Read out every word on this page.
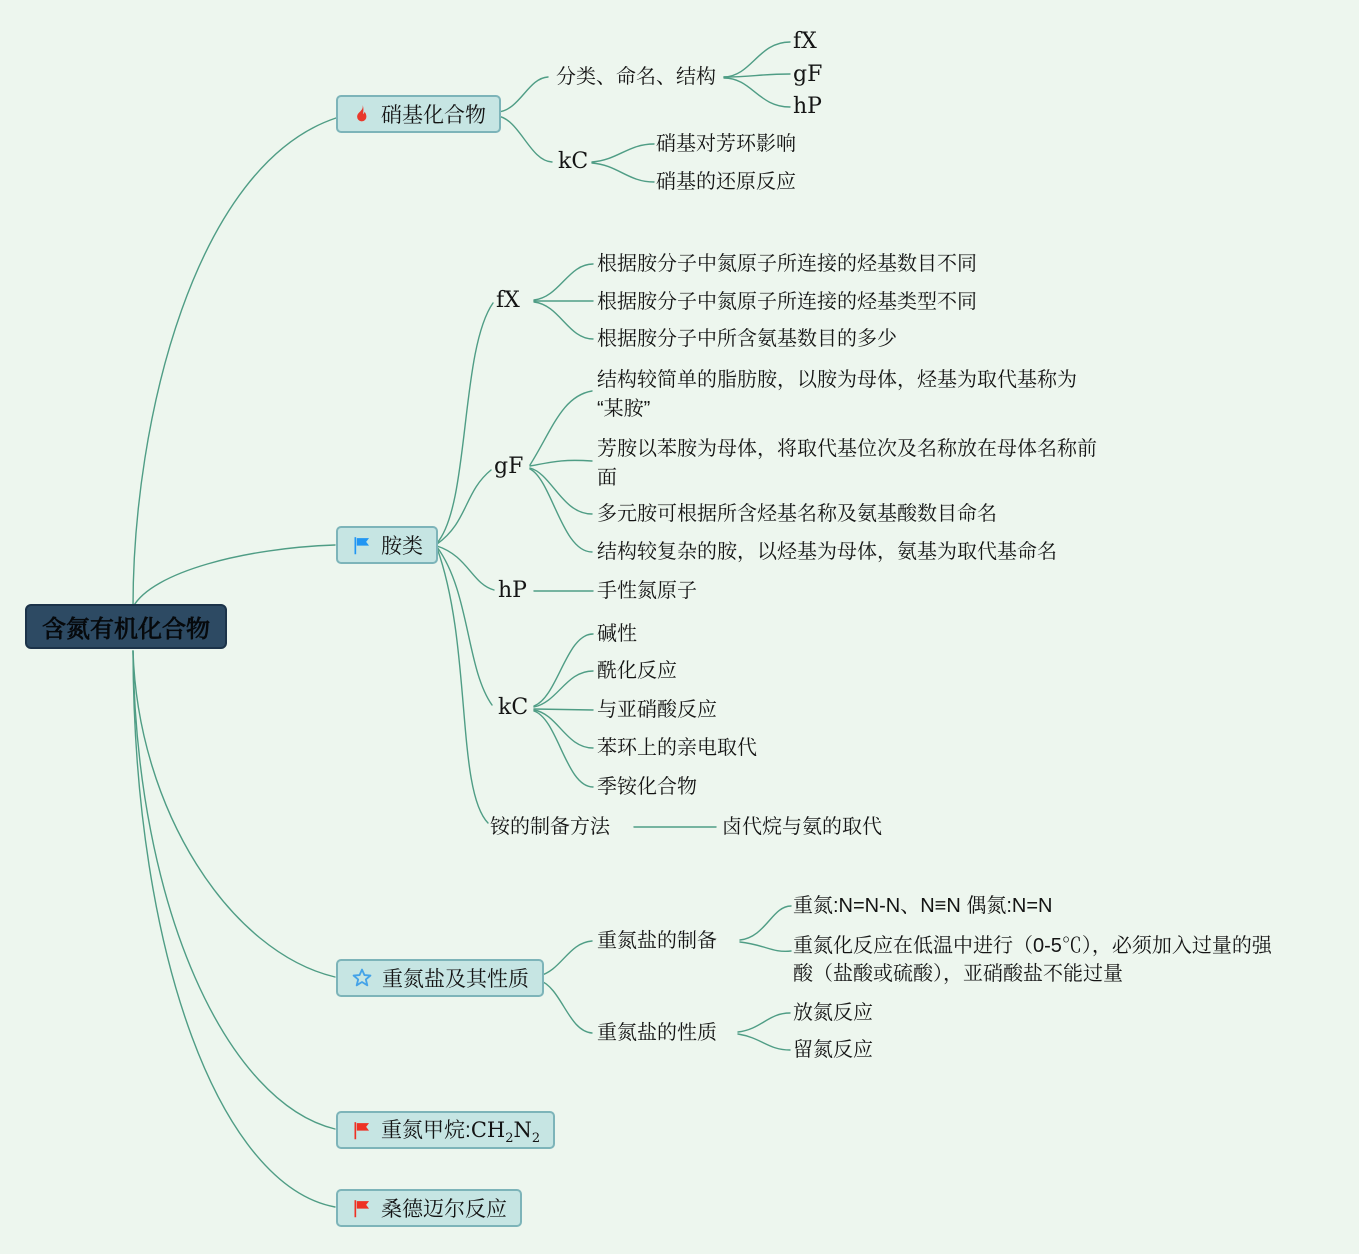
含氮有机化合物
硝基化合物
分类、命名、结构
fX
gF
hP
kC
硝基对芳环影响
硝基的还原反应
胺类
fX
根据胺分子中氮原子所连接的烃基数目不同
根据胺分子中氮原子所连接的烃基类型不同
根据胺分子中所含氨基数目的多少
gF
结构较简单的脂肪胺，以胺为母体，烃基为取代基称为
“某胺”
芳胺以苯胺为母体，将取代基位次及名称放在母体名称前
面
多元胺可根据所含烃基名称及氨基酸数目命名
结构较复杂的胺，以烃基为母体，氨基为取代基命名
hP	手性氮原子
kC
碱性
酰化反应
与亚硝酸反应
苯环上的亲电取代
季铵化合物
铵的制备方法	卤代烷与氨的取代
重氮盐及其性质
重氮盐的制备
重氮:N=N-N、N≡N 偶氮:N=N
重氮化反应在低温中进行（0-5℃），必须加入过量的强
酸（盐酸或硫酸），亚硝酸盐不能过量
重氮盐的性质
放氮反应
留氮反应
重氮甲烷$:CH_2N_2$
桑德迈尔反应
